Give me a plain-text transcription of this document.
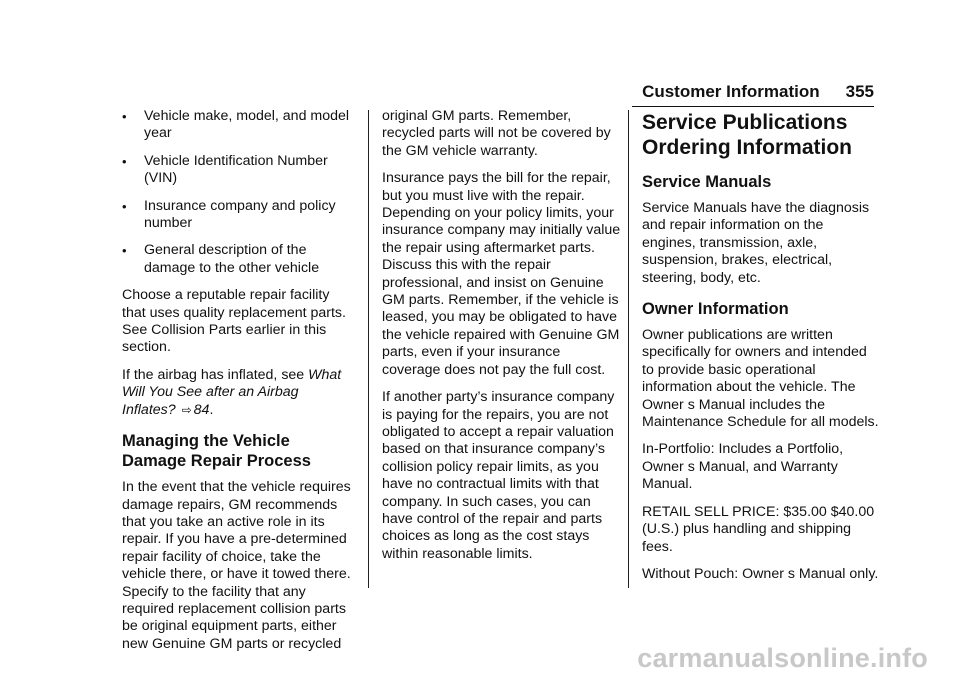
Customer Information 355
• Vehicle make, model, and model year
• Vehicle Identification Number (VIN)
• Insurance company and policy number
• General description of the damage to the other vehicle

Choose a reputable repair facility that uses quality replacement parts. See Collision Parts earlier in this section.

If the airbag has inflated, see What Will You See after an Airbag Inflates? ⇨ 84.

Managing the Vehicle Damage Repair Process

In the event that the vehicle requires damage repairs, GM recommends that you take an active role in its repair. If you have a pre-determined repair facility of choice, take the vehicle there, or have it towed there. Specify to the facility that any required replacement collision parts be original equipment parts, either new Genuine GM parts or recycled

original GM parts. Remember, recycled parts will not be covered by the GM vehicle warranty.

Insurance pays the bill for the repair, but you must live with the repair. Depending on your policy limits, your insurance company may initially value the repair using aftermarket parts. Discuss this with the repair professional, and insist on Genuine GM parts. Remember, if the vehicle is leased, you may be obligated to have the vehicle repaired with Genuine GM parts, even if your insurance coverage does not pay the full cost.

If another party’s insurance company is paying for the repairs, you are not obligated to accept a repair valuation based on that insurance company’s collision policy repair limits, as you have no contractual limits with that company. In such cases, you can have control of the repair and parts choices as long as the cost stays within reasonable limits.

Service Publications Ordering Information
Service Manuals

Service Manuals have the diagnosis and repair information on the engines, transmission, axle, suspension, brakes, electrical, steering, body, etc.

Owner Information

Owner publications are written specifically for owners and intended to provide basic operational information about the vehicle. The Owner s Manual includes the Maintenance Schedule for all models.

In-Portfolio: Includes a Portfolio, Owner s Manual, and Warranty Manual.

RETAIL SELL PRICE: $35.00 $40.00 (U.S.) plus handling and shipping fees.

Without Pouch: Owner s Manual only.

carmanualsonline.info
